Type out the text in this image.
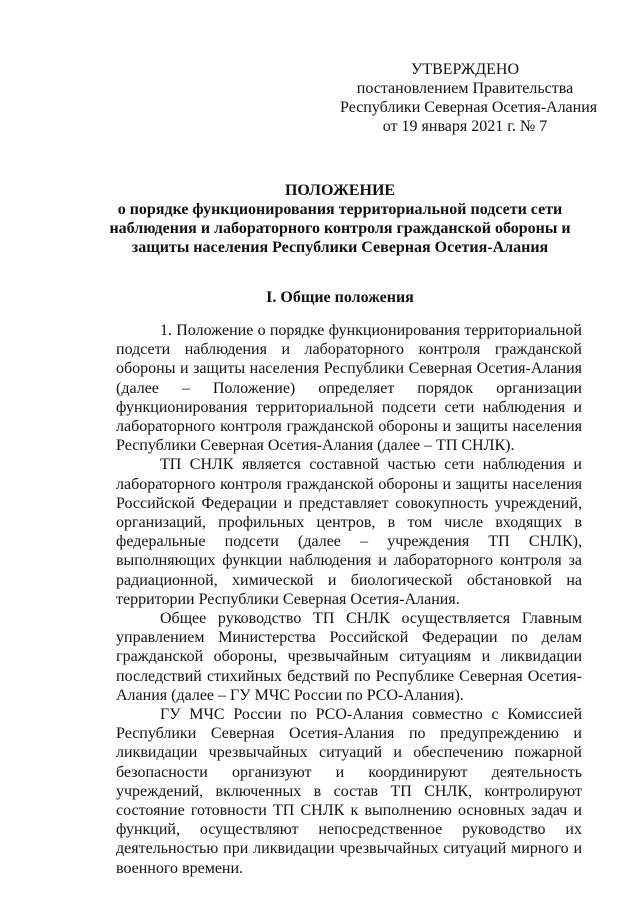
УТВЕРЖДЕНО
постановлением Правительства
Республики Северная Осетия-Алания
от 19 января 2021 г. № 7
ПОЛОЖЕНИЕ
о порядке функционирования территориальной подсети сети
наблюдения и лабораторного контроля гражданской обороны и
защиты населения Республики Северная Осетия-Алания
I. Общие положения

1. Положение о порядке функционирования территориальной подсети наблюдения и лабораторного контроля гражданской обороны и защиты населения Республики Северная Осетия-Алания (далее – Положение) определяет порядок организации функционирования территориальной подсети сети наблюдения и лабораторного контроля гражданской обороны и защиты населения Республики Северная Осетия-Алания (далее – ТП СНЛК).

ТП СНЛК является составной частью сети наблюдения и лабораторного контроля гражданской обороны и защиты населения Российской Федерации и представляет совокупность учреждений, организаций, профильных центров, в том числе входящих в федеральные подсети (далее – учреждения ТП СНЛК), выполняющих функции наблюдения и лабораторного контроля за радиационной, химической и биологической обстановкой на территории Республики Северная Осетия-Алания.

Общее руководство ТП СНЛК осуществляется Главным управлением Министерства Российской Федерации по делам гражданской обороны, чрезвычайным ситуациям и ликвидации последствий стихийных бедствий по Республике Северная Осетия-Алания (далее – ГУ МЧС России по РСО-Алания).

ГУ МЧС России по РСО-Алания совместно с Комиссией Республики Северная Осетия-Алания по предупреждению и ликвидации чрезвычайных ситуаций и обеспечению пожарной безопасности организуют и координируют деятельность учреждений, включенных в состав ТП СНЛК, контролируют состояние готовности ТП СНЛК к выполнению основных задач и функций, осуществляют непосредственное руководство их деятельностью при ликвидации чрезвычайных ситуаций мирного и военного времени.
